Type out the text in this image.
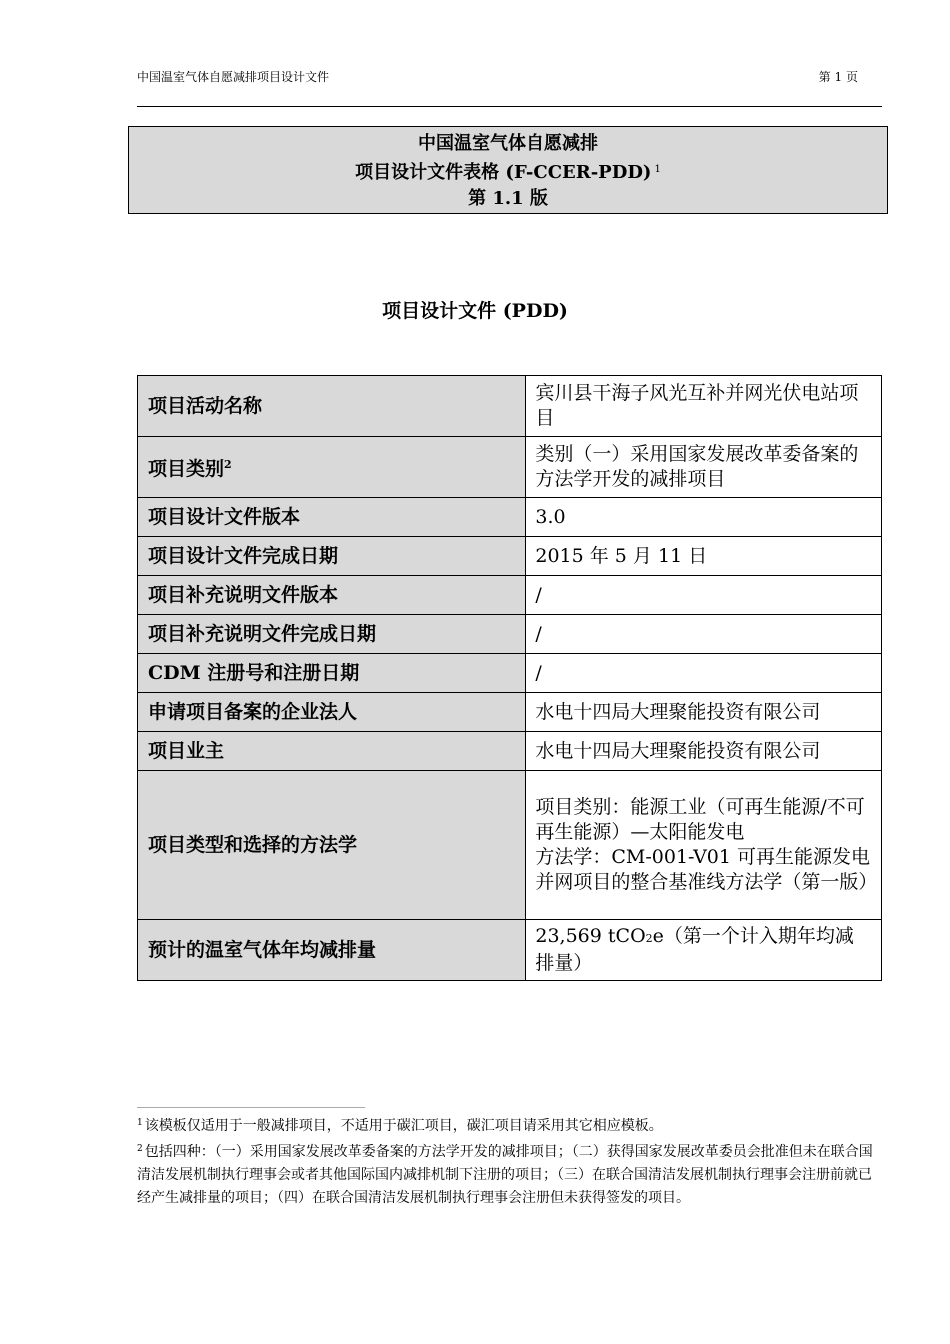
中国温室气体自愿减排项目设计文件	第 1 页
中国温室气体自愿减排
项目设计文件表格 (F-CCER-PDD) $^1$
第 1.1 版
项目设计文件 (PDD)
项目活动名称	宾川县干海子风光互补并网光伏电站项目
项目类别$^2$	类别（一）采用国家发展改革委备案的方法学开发的减排项目
项目设计文件版本	3.0
项目设计文件完成日期	2015 年 5 月 11 日
项目补充说明文件版本	/
项目补充说明文件完成日期	/
CDM 注册号和注册日期	/
申请项目备案的企业法人	水电十四局大理聚能投资有限公司
项目业主	水电十四局大理聚能投资有限公司
项目类型和选择的方法学	项目类别：能源工业（可再生能源/不可再生能源）—太阳能发电
方法学：CM-001-V01 可再生能源发电并网项目的整合基准线方法学（第一版）

预计的温室气体年均减排量	23,569 tCO2e（第一个计入期年均减排量）
$^1$ 该模板仅适用于一般减排项目，不适用于碳汇项目，碳汇项目请采用其它相应模板。
$^2$ 包括四种：（一）采用国家发展改革委备案的方法学开发的减排项目；（二）获得国家发展改革委员会批准但未在联合国清洁发展机制执行理事会或者其他国际国内减排机制下注册的项目；（三）在联合国清洁发展机制执行理事会注册前就已经产生减排量的项目；（四）在联合国清洁发展机制执行理事会注册但未获得签发的项目。
